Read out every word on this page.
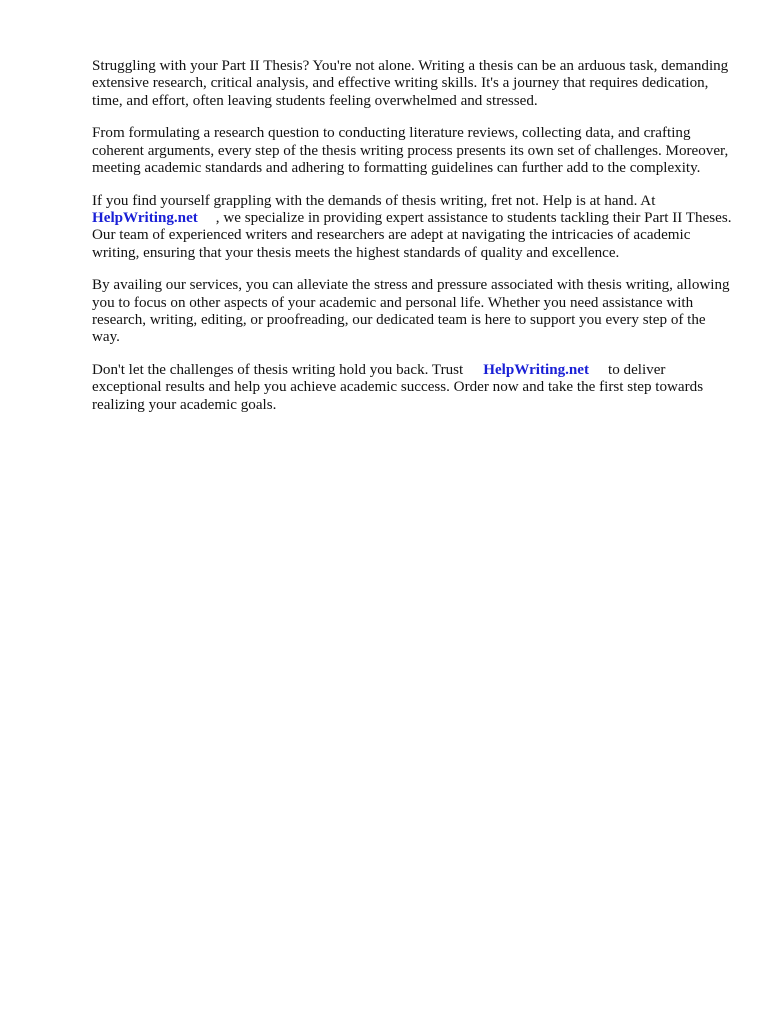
Struggling with your Part II Thesis? You're not alone. Writing a thesis can be an arduous task, demanding extensive research, critical analysis, and effective writing skills. It's a journey that requires dedication, time, and effort, often leaving students feeling overwhelmed and stressed.

From formulating a research question to conducting literature reviews, collecting data, and crafting coherent arguments, every step of the thesis writing process presents its own set of challenges. Moreover, meeting academic standards and adhering to formatting guidelines can further add to the complexity.

If you find yourself grappling with the demands of thesis writing, fret not. Help is at hand. At
HelpWriting.net , we specialize in providing expert assistance to students tackling their Part II Theses. Our team of experienced writers and researchers are adept at navigating the intricacies of academic writing, ensuring that your thesis meets the highest standards of quality and excellence.

By availing our services, you can alleviate the stress and pressure associated with thesis writing, allowing you to focus on other aspects of your academic and personal life. Whether you need assistance with research, writing, editing, or proofreading, our dedicated team is here to support you every step of the way.

Don't let the challenges of thesis writing hold you back. Trust HelpWriting.net to deliver exceptional results and help you achieve academic success. Order now and take the first step towards realizing your academic goals.
